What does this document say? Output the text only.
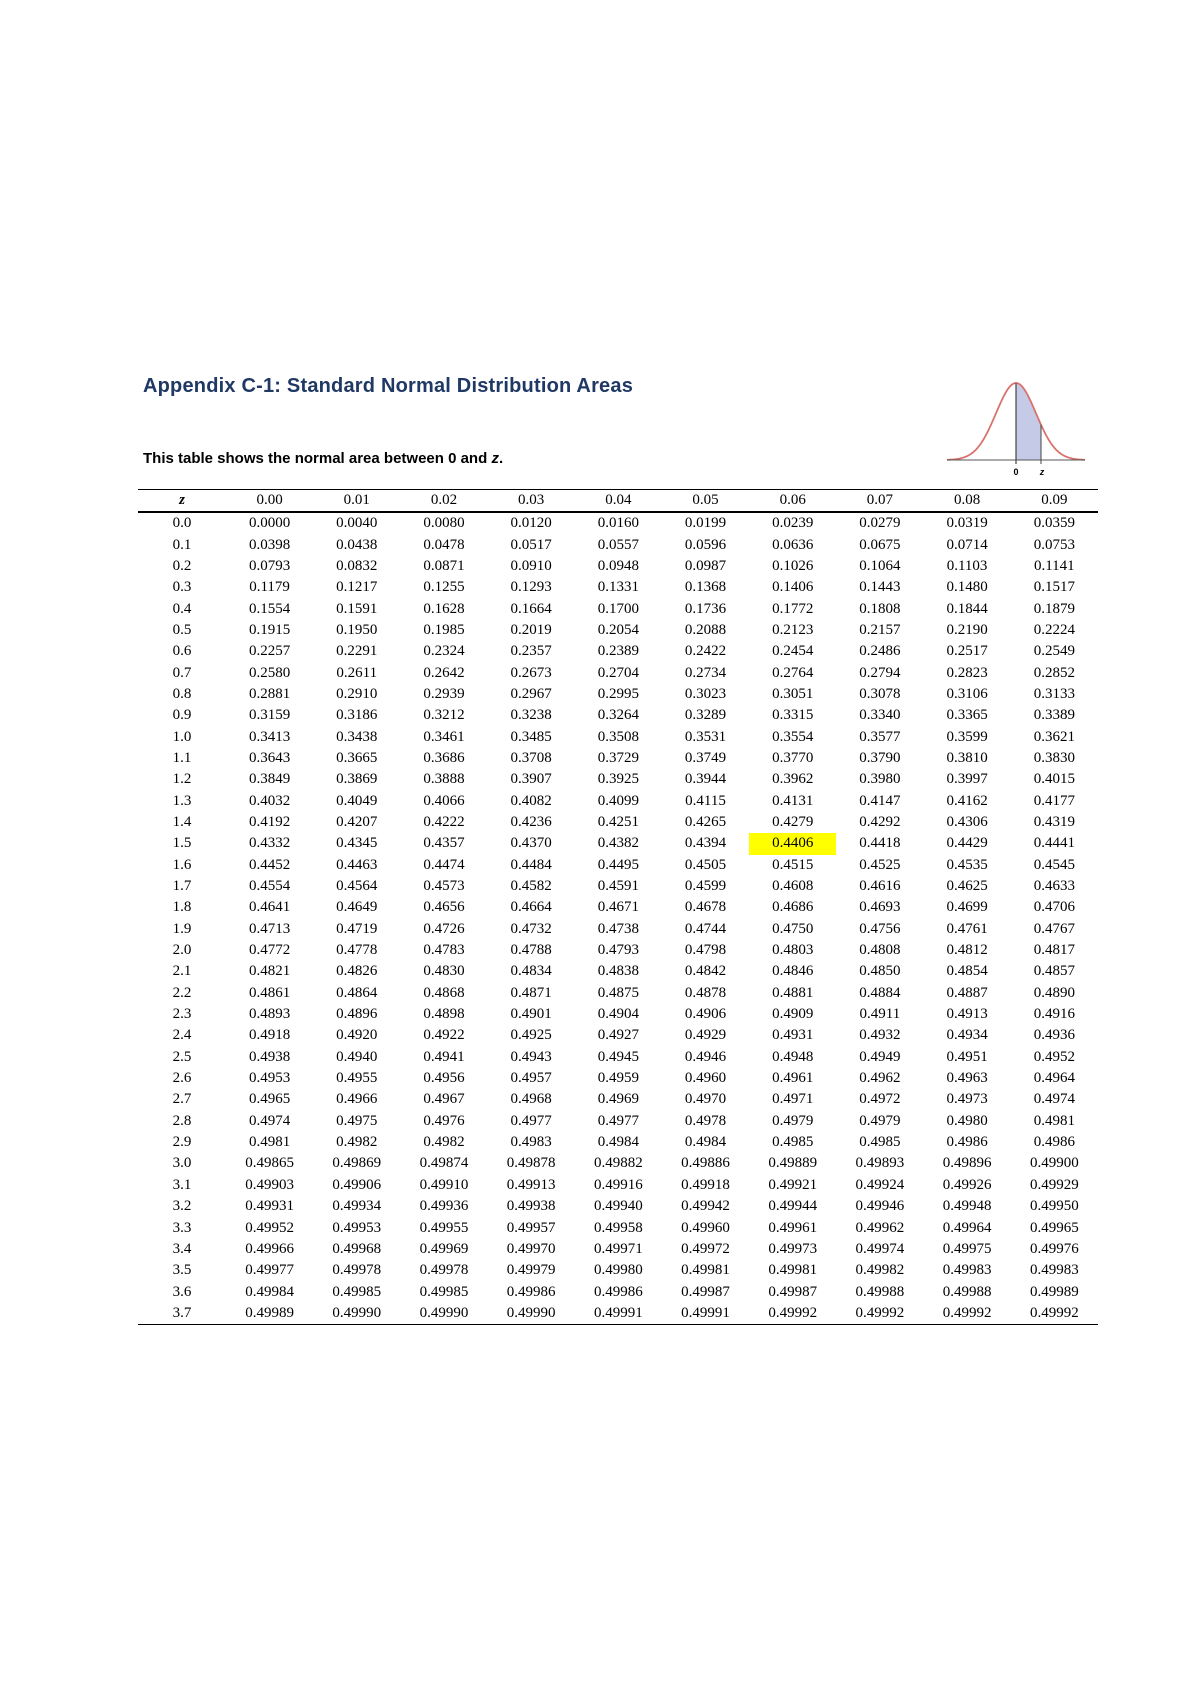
Appendix C-1: Standard Normal Distribution Areas
0 z
This table shows the normal area between 0 and z.
z	0.00	0.01	0.02	0.03	0.04	0.05	0.06	0.07	0.08	0.09
0.0	0.0000	0.0040	0.0080	0.0120	0.0160	0.0199	0.0239	0.0279	0.0319	0.0359
0.1	0.0398	0.0438	0.0478	0.0517	0.0557	0.0596	0.0636	0.0675	0.0714	0.0753
0.2	0.0793	0.0832	0.0871	0.0910	0.0948	0.0987	0.1026	0.1064	0.1103	0.1141
0.3	0.1179	0.1217	0.1255	0.1293	0.1331	0.1368	0.1406	0.1443	0.1480	0.1517
0.4	0.1554	0.1591	0.1628	0.1664	0.1700	0.1736	0.1772	0.1808	0.1844	0.1879
0.5	0.1915	0.1950	0.1985	0.2019	0.2054	0.2088	0.2123	0.2157	0.2190	0.2224
0.6	0.2257	0.2291	0.2324	0.2357	0.2389	0.2422	0.2454	0.2486	0.2517	0.2549
0.7	0.2580	0.2611	0.2642	0.2673	0.2704	0.2734	0.2764	0.2794	0.2823	0.2852
0.8	0.2881	0.2910	0.2939	0.2967	0.2995	0.3023	0.3051	0.3078	0.3106	0.3133
0.9	0.3159	0.3186	0.3212	0.3238	0.3264	0.3289	0.3315	0.3340	0.3365	0.3389
1.0	0.3413	0.3438	0.3461	0.3485	0.3508	0.3531	0.3554	0.3577	0.3599	0.3621
1.1	0.3643	0.3665	0.3686	0.3708	0.3729	0.3749	0.3770	0.3790	0.3810	0.3830
1.2	0.3849	0.3869	0.3888	0.3907	0.3925	0.3944	0.3962	0.3980	0.3997	0.4015
1.3	0.4032	0.4049	0.4066	0.4082	0.4099	0.4115	0.4131	0.4147	0.4162	0.4177
1.4	0.4192	0.4207	0.4222	0.4236	0.4251	0.4265	0.4279	0.4292	0.4306	0.4319
1.5	0.4332	0.4345	0.4357	0.4370	0.4382	0.4394	0.4406	0.4418	0.4429	0.4441
1.6	0.4452	0.4463	0.4474	0.4484	0.4495	0.4505	0.4515	0.4525	0.4535	0.4545
1.7	0.4554	0.4564	0.4573	0.4582	0.4591	0.4599	0.4608	0.4616	0.4625	0.4633
1.8	0.4641	0.4649	0.4656	0.4664	0.4671	0.4678	0.4686	0.4693	0.4699	0.4706
1.9	0.4713	0.4719	0.4726	0.4732	0.4738	0.4744	0.4750	0.4756	0.4761	0.4767
2.0	0.4772	0.4778	0.4783	0.4788	0.4793	0.4798	0.4803	0.4808	0.4812	0.4817
2.1	0.4821	0.4826	0.4830	0.4834	0.4838	0.4842	0.4846	0.4850	0.4854	0.4857
2.2	0.4861	0.4864	0.4868	0.4871	0.4875	0.4878	0.4881	0.4884	0.4887	0.4890
2.3	0.4893	0.4896	0.4898	0.4901	0.4904	0.4906	0.4909	0.4911	0.4913	0.4916
2.4	0.4918	0.4920	0.4922	0.4925	0.4927	0.4929	0.4931	0.4932	0.4934	0.4936
2.5	0.4938	0.4940	0.4941	0.4943	0.4945	0.4946	0.4948	0.4949	0.4951	0.4952
2.6	0.4953	0.4955	0.4956	0.4957	0.4959	0.4960	0.4961	0.4962	0.4963	0.4964
2.7	0.4965	0.4966	0.4967	0.4968	0.4969	0.4970	0.4971	0.4972	0.4973	0.4974
2.8	0.4974	0.4975	0.4976	0.4977	0.4977	0.4978	0.4979	0.4979	0.4980	0.4981
2.9	0.4981	0.4982	0.4982	0.4983	0.4984	0.4984	0.4985	0.4985	0.4986	0.4986
3.0	0.49865	0.49869	0.49874	0.49878	0.49882	0.49886	0.49889	0.49893	0.49896	0.49900
3.1	0.49903	0.49906	0.49910	0.49913	0.49916	0.49918	0.49921	0.49924	0.49926	0.49929
3.2	0.49931	0.49934	0.49936	0.49938	0.49940	0.49942	0.49944	0.49946	0.49948	0.49950
3.3	0.49952	0.49953	0.49955	0.49957	0.49958	0.49960	0.49961	0.49962	0.49964	0.49965
3.4	0.49966	0.49968	0.49969	0.49970	0.49971	0.49972	0.49973	0.49974	0.49975	0.49976
3.5	0.49977	0.49978	0.49978	0.49979	0.49980	0.49981	0.49981	0.49982	0.49983	0.49983
3.6	0.49984	0.49985	0.49985	0.49986	0.49986	0.49987	0.49987	0.49988	0.49988	0.49989
3.7	0.49989	0.49990	0.49990	0.49990	0.49991	0.49991	0.49992	0.49992	0.49992	0.49992
